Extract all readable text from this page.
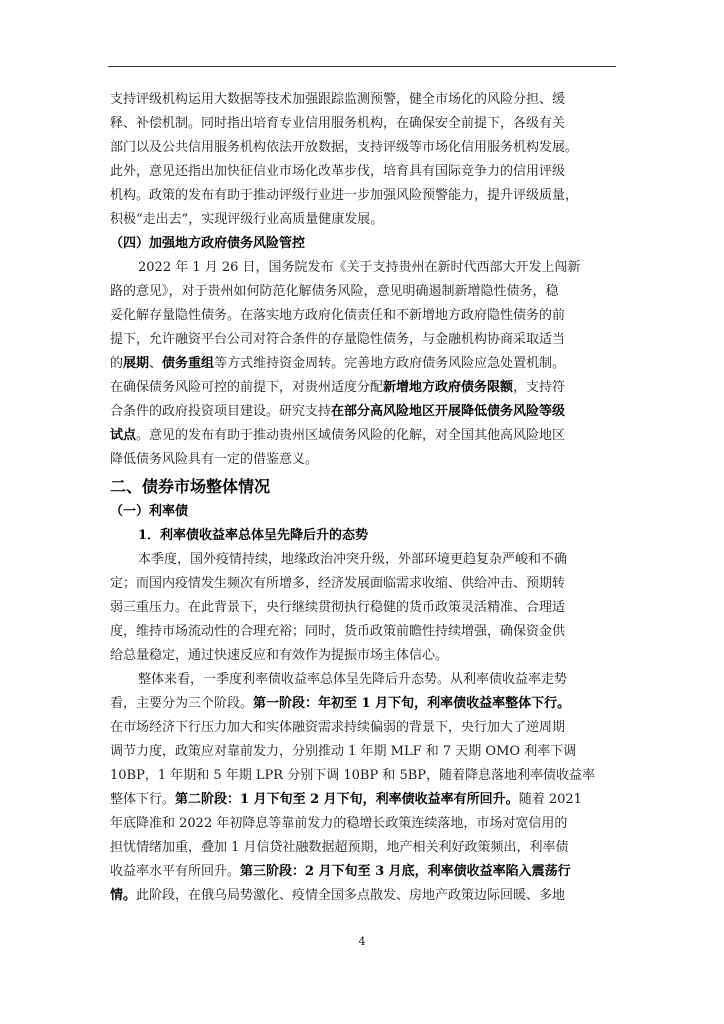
支持评级机构运用大数据等技术加强跟踪监测预警，健全市场化的风险分担、缓
释、补偿机制。同时指出培育专业信用服务机构，在确保安全前提下，各级有关
部门以及公共信用服务机构依法开放数据，支持评级等市场化信用服务机构发展。
此外，意见还指出加快征信业市场化改革步伐，培育具有国际竞争力的信用评级
机构。政策的发布有助于推动评级行业进一步加强风险预警能力，提升评级质量，
积极“走出去”，实现评级行业高质量健康发展。

（四）加强地方政府债务风险管控

2022 年 1 月 26 日，国务院发布《关于支持贵州在新时代西部大开发上闯新
路的意见》，对于贵州如何防范化解债务风险，意见明确遏制新增隐性债务，稳
妥化解存量隐性债务。在落实地方政府化债责任和不新增地方政府隐性债务的前
提下，允许融资平台公司对符合条件的存量隐性债务，与金融机构协商采取适当
的展期、债务重组等方式维持资金周转。完善地方政府债务风险应急处置机制。
在确保债务风险可控的前提下，对贵州适度分配新增地方政府债务限额，支持符
合条件的政府投资项目建设。研究支持在部分高风险地区开展降低债务风险等级
试点。意见的发布有助于推动贵州区域债务风险的化解，对全国其他高风险地区
降低债务风险具有一定的借鉴意义。

二、债券市场整体情况

（一）利率债

1．利率债收益率总体呈先降后升的态势

本季度，国外疫情持续，地缘政治冲突升级，外部环境更趋复杂严峻和不确
定；而国内疫情发生频次有所增多，经济发展面临需求收缩、供给冲击、预期转
弱三重压力。在此背景下，央行继续贯彻执行稳健的货币政策灵活精准、合理适
度，维持市场流动性的合理充裕；同时，货币政策前瞻性持续增强，确保资金供
给总量稳定，通过快速反应和有效作为提振市场主体信心。

整体来看，一季度利率债收益率总体呈先降后升态势。从利率债收益率走势
看，主要分为三个阶段。第一阶段：年初至 1 月下旬，利率债收益率整体下行。
在市场经济下行压力加大和实体融资需求持续偏弱的背景下，央行加大了逆周期
调节力度，政策应对靠前发力，分别推动 1 年期 MLF 和 7 天期 OMO 利率下调
10BP，1 年期和 5 年期 LPR 分别下调 10BP 和 5BP，随着降息落地利率债收益率
整体下行。第二阶段：1 月下旬至 2 月下旬，利率债收益率有所回升。随着 2021
年底降准和 2022 年初降息等靠前发力的稳增长政策连续落地，市场对宽信用的
担忧情绪加重，叠加 1 月信贷社融数据超预期，地产相关利好政策频出，利率债
收益率水平有所回升。第三阶段：2 月下旬至 3 月底，利率债收益率陷入震荡行
情。此阶段，在俄乌局势激化、疫情全国多点散发、房地产政策边际回暖、多地

4
